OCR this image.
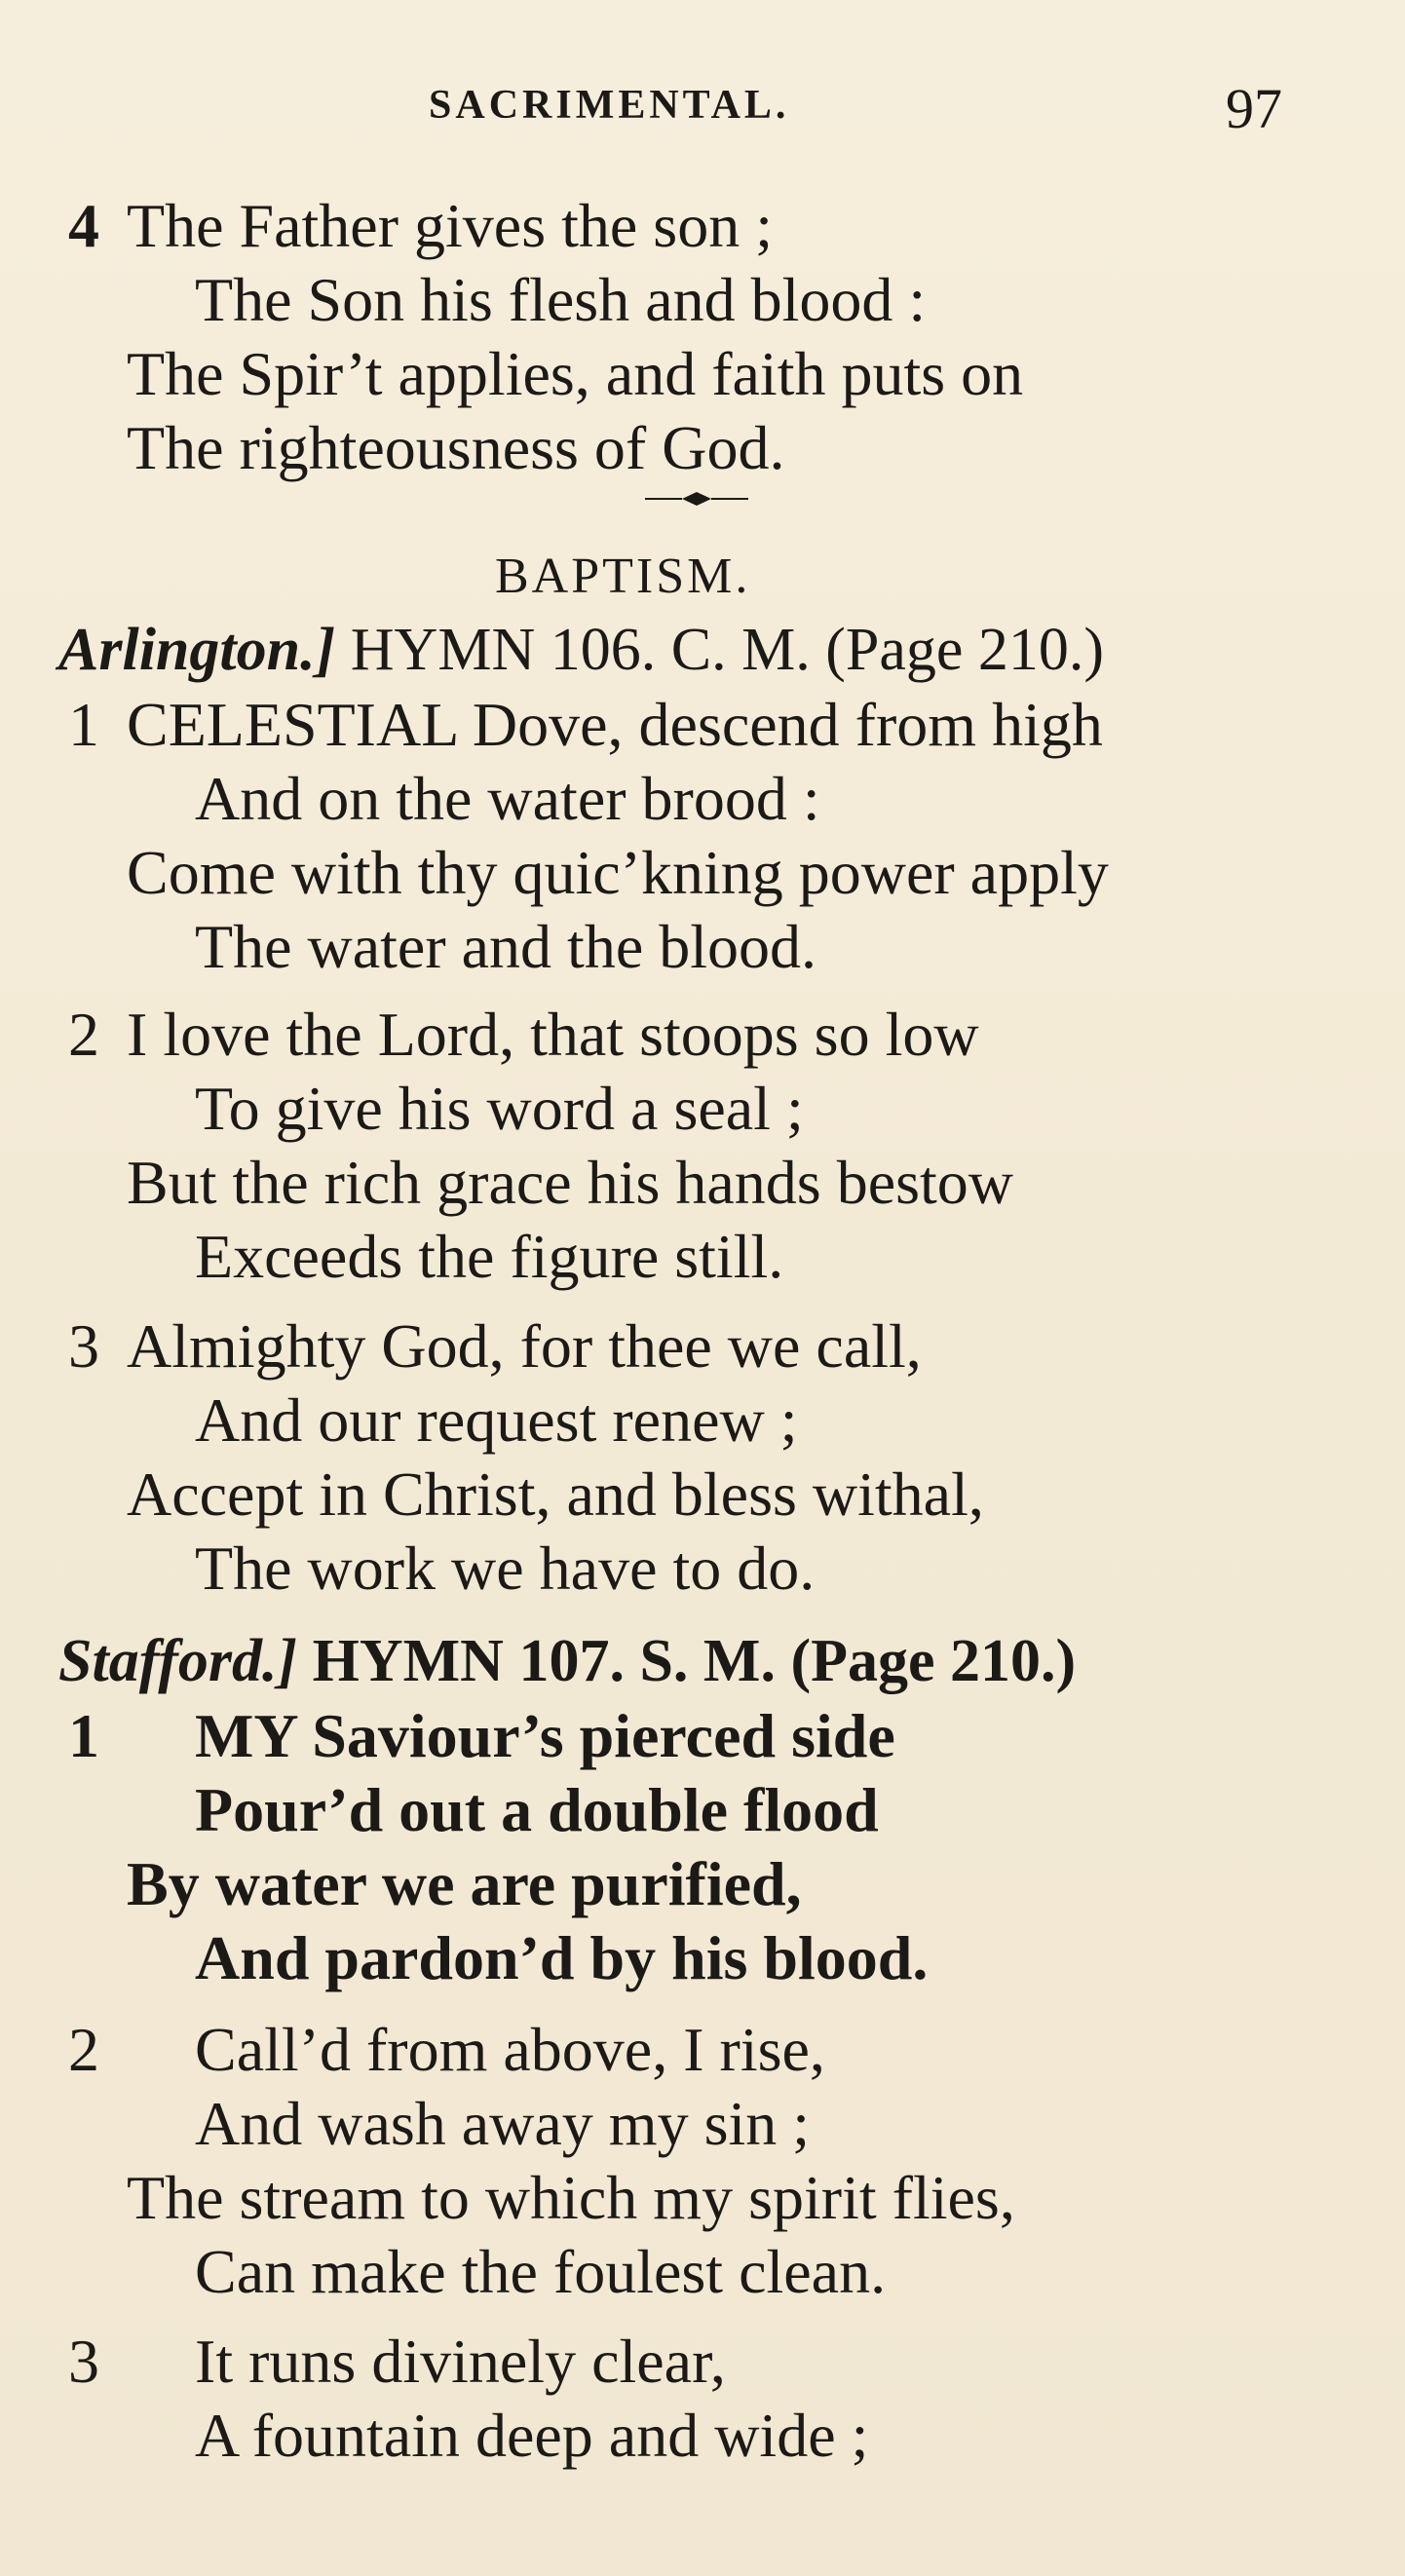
SACRIMENTAL.	97
4 The Father gives the son ;
The Son his flesh and blood :
The Spir’t applies, and faith puts on
The righteousness of God.
BAPTISM.
Arlington.] HYMN 106. C. M. (Page 210.)
1 CELESTIAL Dove, descend from high
And on the water brood :
Come with thy quic’kning power apply
The water and the blood.
2 I love the Lord, that stoops so low
To give his word a seal ;
But the rich grace his hands bestow
Exceeds the figure still.
3 Almighty God, for thee we call,
And our request renew ;
Accept in Christ, and bless withal,
The work we have to do.
Stafford.] HYMN 107. S. M. (Page 210.)
1 MY Saviour’s pierced side
Pour’d out a double flood
By water we are purified,
And pardon’d by his blood.
2 Call’d from above, I rise,
And wash away my sin ;
The stream to which my spirit flies,
Can make the foulest clean.
3 It runs divinely clear,
A fountain deep and wide ;
